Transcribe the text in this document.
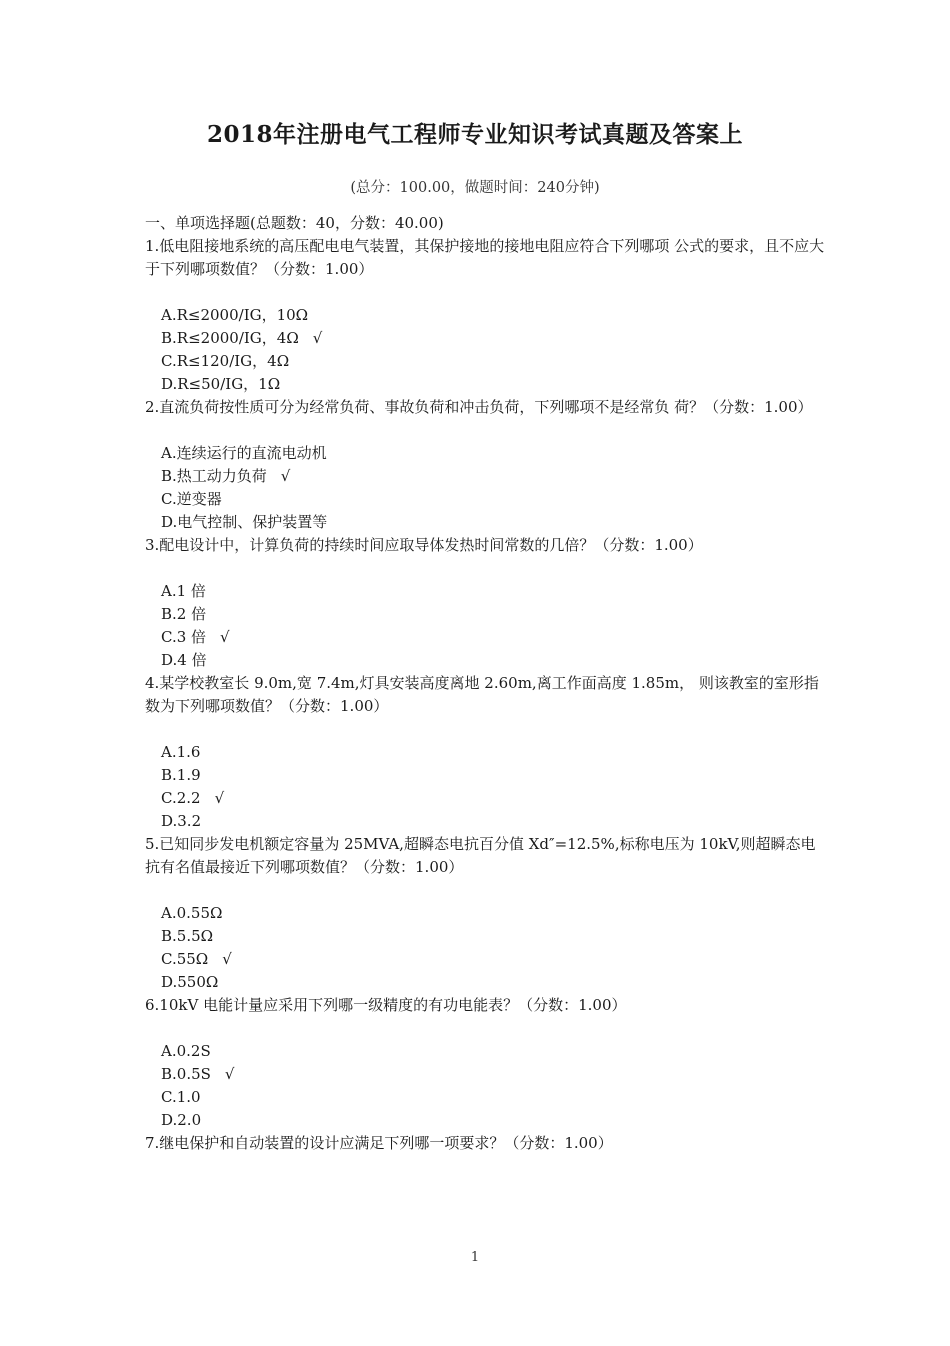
2018年注册电气工程师专业知识考试真题及答案上
(总分：100.00，做题时间：240分钟)

一、单项选择题(总题数：40，分数：40.00)

1.低电阻接地系统的高压配电电气装置，其保护接地的接地电阻应符合下列哪项 公式的要求，且不应大于下列哪项数值？（分数：1.00）

A.R≤2000/IG，10Ω
B.R≤2000/IG，4Ω √
C.R≤120/IG，4Ω
D.R≤50/IG，1Ω

2.直流负荷按性质可分为经常负荷、事故负荷和冲击负荷，下列哪项不是经常负 荷？（分数：1.00）

A.连续运行的直流电动机
B.热工动力负荷 √
C.逆变器
D.电气控制、保护装置等

3.配电设计中，计算负荷的持续时间应取导体发热时间常数的几倍？（分数：1.00）

A.1 倍
B.2 倍
C.3 倍 √
D.4 倍

4.某学校教室长 9.0m,宽 7.4m,灯具安装高度离地 2.60m,离工作面高度 1.85m， 则该教室的室形指数为下列哪项数值？（分数：1.00）

A.1.6
B.1.9
C.2.2 √
D.3.2

5.已知同步发电机额定容量为 25MVA,超瞬态电抗百分值 Xd″=12.5%,标称电压为 10kV,则超瞬态电抗有名值最接近下列哪项数值？（分数：1.00）

A.0.55Ω
B.5.5Ω
C.55Ω √
D.550Ω

6.10kV 电能计量应采用下列哪一级精度的有功电能表？（分数：1.00）

A.0.2S
B.0.5S √
C.1.0
D.2.0

7.继电保护和自动装置的设计应满足下列哪一项要求？（分数：1.00）

1
